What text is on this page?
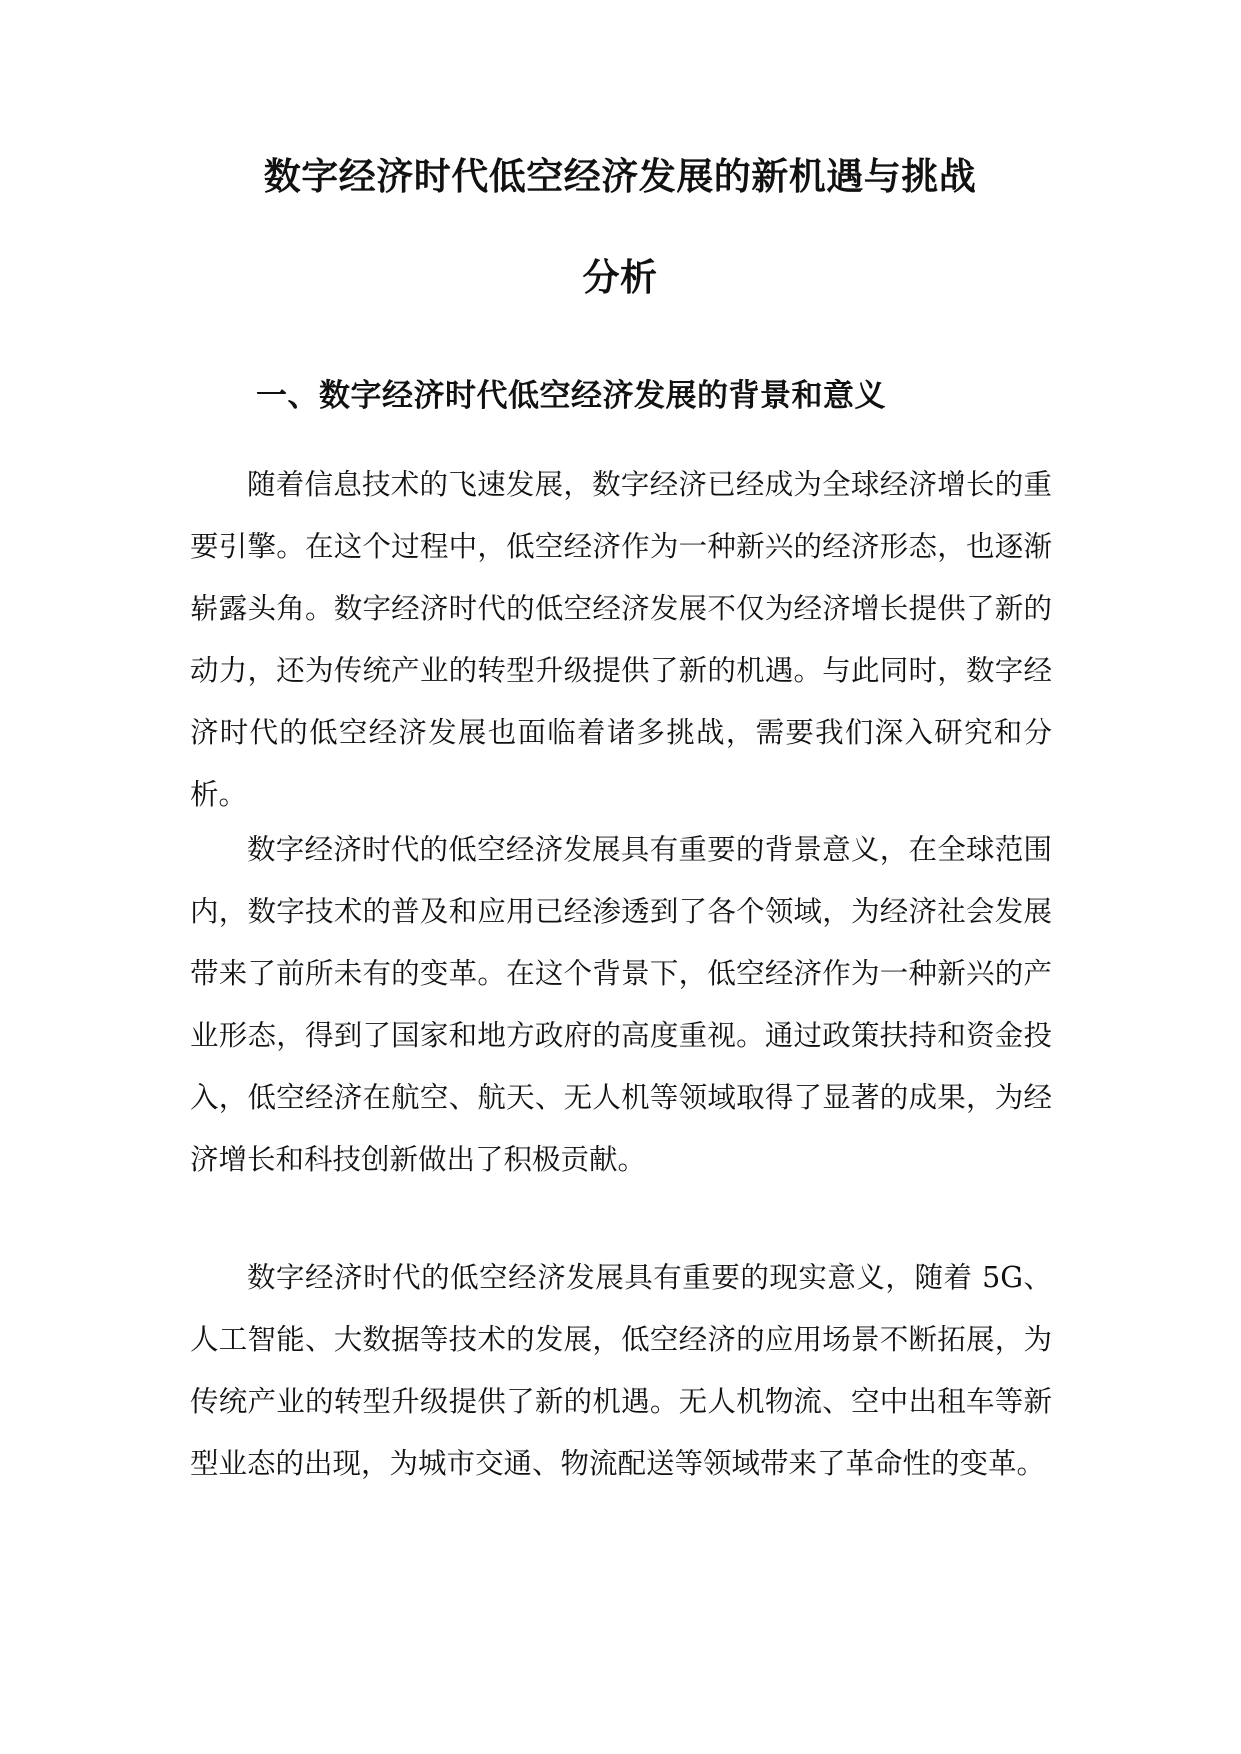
数字经济时代低空经济发展的新机遇与挑战
分析
一、数字经济时代低空经济发展的背景和意义

随着信息技术的飞速发展，数字经济已经成为全球经济增长的重要引擎。在这个过程中，低空经济作为一种新兴的经济形态，也逐渐崭露头角。数字经济时代的低空经济发展不仅为经济增长提供了新的动力，还为传统产业的转型升级提供了新的机遇。与此同时，数字经济时代的低空经济发展也面临着诸多挑战，需要我们深入研究和分析。

数字经济时代的低空经济发展具有重要的背景意义，在全球范围内，数字技术的普及和应用已经渗透到了各个领域，为经济社会发展带来了前所未有的变革。在这个背景下，低空经济作为一种新兴的产业形态，得到了国家和地方政府的高度重视。通过政策扶持和资金投入，低空经济在航空、航天、无人机等领域取得了显著的成果，为经济增长和科技创新做出了积极贡献。

数字经济时代的低空经济发展具有重要的现实意义，随着 5G、人工智能、大数据等技术的发展，低空经济的应用场景不断拓展，为传统产业的转型升级提供了新的机遇。无人机物流、空中出租车等新型业态的出现，为城市交通、物流配送等领域带来了革命性的变革。
